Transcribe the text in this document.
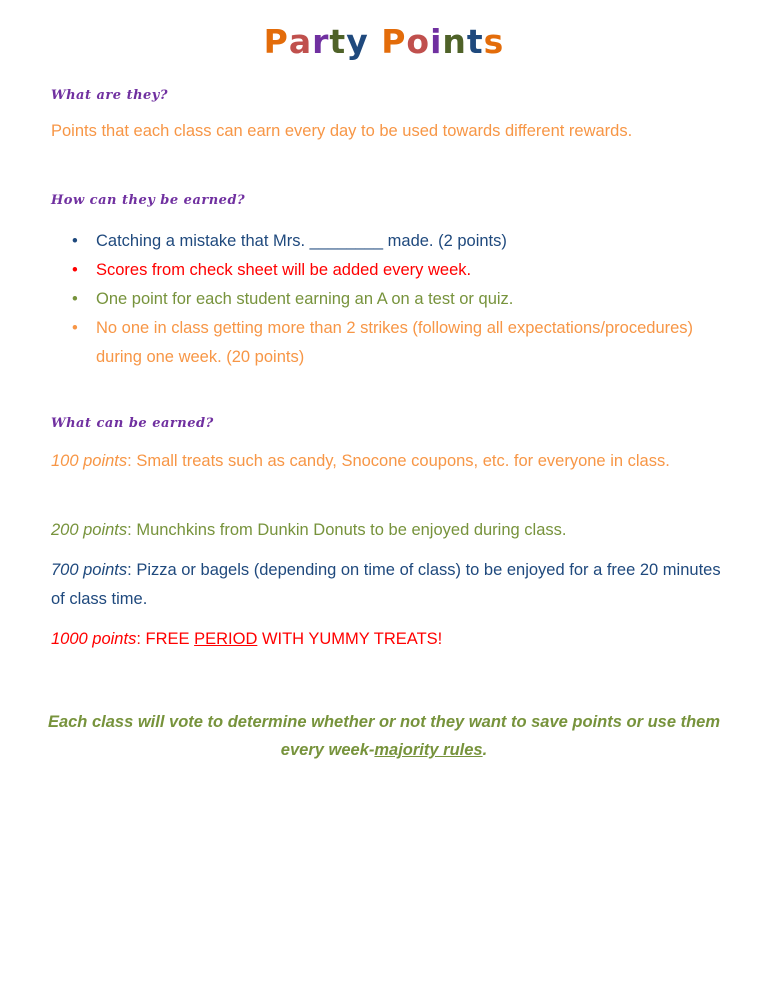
Party Points
What are they?
Points that each class can earn every day to be used towards different rewards.
How can they be earned?
• Catching a mistake that Mrs. ________ made. (2 points)
• Scores from check sheet will be added every week.
• One point for each student earning an A on a test or quiz.
• No one in class getting more than 2 strikes (following all expectations/procedures) during one week. (20 points)
What can be earned?
100 points: Small treats such as candy, Snocone coupons, etc. for everyone in class.
200 points: Munchkins from Dunkin Donuts to be enjoyed during class.
700 points: Pizza or bagels (depending on time of class) to be enjoyed for a free 20 minutes of class time.
1000 points: FREE PERIOD WITH YUMMY TREATS!
Each class will vote to determine whether or not they want to save points or use them every week-majority rules.
